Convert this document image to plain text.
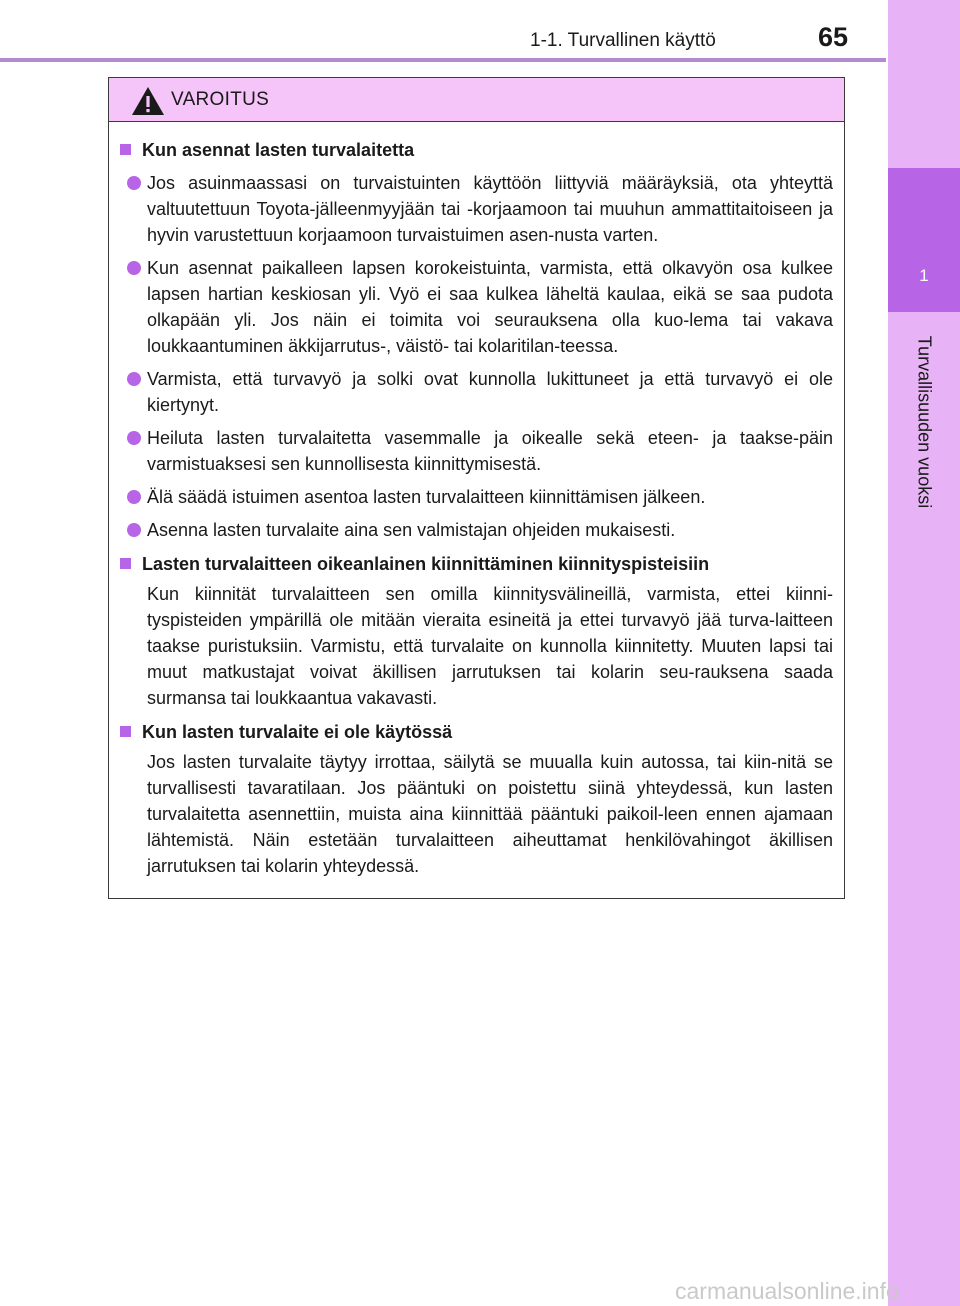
1-1. Turvallinen käyttö	65
1
Turvallisuuden vuoksi
VAROITUS
Kun asennat lasten turvalaitetta
Jos asuinmaassasi on turvaistuinten käyttöön liittyviä määräyksiä, ota yhteyttä valtuutettuun Toyota-jälleenmyyjään tai -korjaamoon tai muuhun ammattitaitoiseen ja hyvin varustettuun korjaamoon turvaistuimen asen-nusta varten.
Kun asennat paikalleen lapsen korokeistuinta, varmista, että olkavyön osa kulkee lapsen hartian keskiosan yli. Vyö ei saa kulkea läheltä kaulaa, eikä se saa pudota olkapään yli. Jos näin ei toimita voi seurauksena olla kuo-lema tai vakava loukkaantuminen äkkijarrutus-, väistö- tai kolaritilan-teessa.
Varmista, että turvavyö ja solki ovat kunnolla lukittuneet ja että turvavyö ei ole kiertynyt.
Heiluta lasten turvalaitetta vasemmalle ja oikealle sekä eteen- ja taakse-päin varmistuaksesi sen kunnollisesta kiinnittymisestä.
Älä säädä istuimen asentoa lasten turvalaitteen kiinnittämisen jälkeen.
Asenna lasten turvalaite aina sen valmistajan ohjeiden mukaisesti.
Lasten turvalaitteen oikeanlainen kiinnittäminen kiinnityspisteisiin
Kun kiinnität turvalaitteen sen omilla kiinnitysvälineillä, varmista, ettei kiinni-tyspisteiden ympärillä ole mitään vieraita esineitä ja ettei turvavyö jää turva-laitteen taakse puristuksiin. Varmistu, että turvalaite on kunnolla kiinnitetty. Muuten lapsi tai muut matkustajat voivat äkillisen jarrutuksen tai kolarin seu-rauksena saada surmansa tai loukkaantua vakavasti.
Kun lasten turvalaite ei ole käytössä
Jos lasten turvalaite täytyy irrottaa, säilytä se muualla kuin autossa, tai kiin-nitä se turvallisesti tavaratilaan. Jos pääntuki on poistettu siinä yhteydessä, kun lasten turvalaitetta asennettiin, muista aina kiinnittää pääntuki paikoil-leen ennen ajamaan lähtemistä. Näin estetään turvalaitteen aiheuttamat henkilövahingot äkillisen jarrutuksen tai kolarin yhteydessä.
carmanualsonline.info
